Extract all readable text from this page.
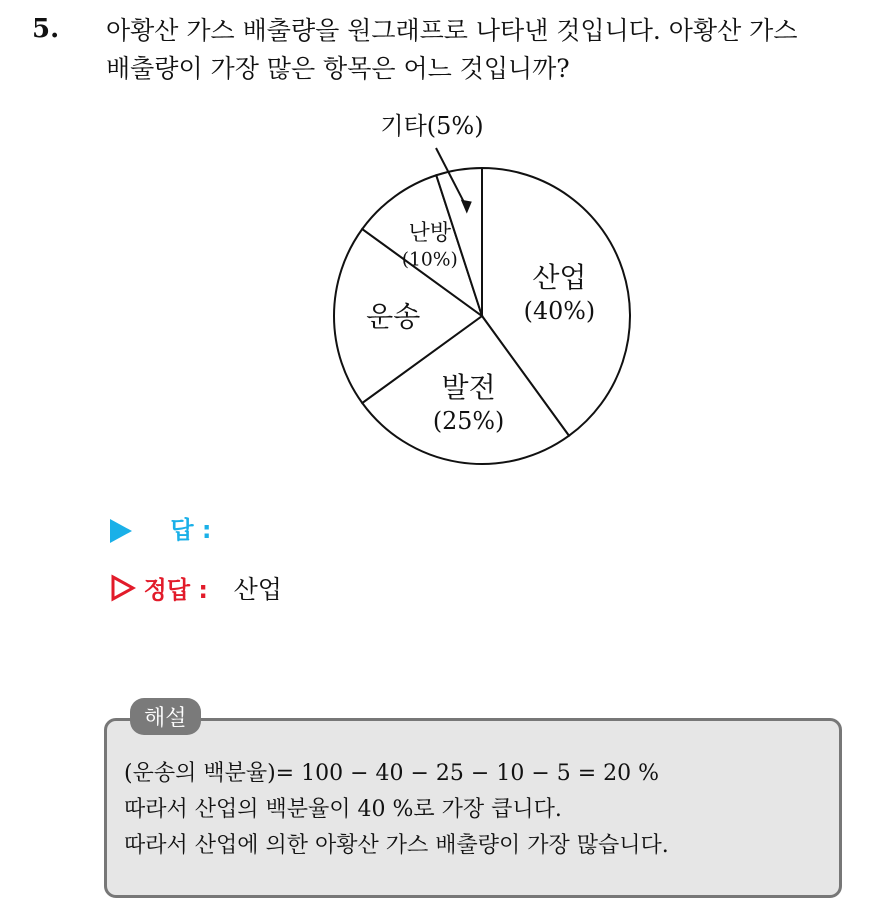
5. 아황산 가스 배출량을 원그래프로 나타낸 것입니다. 아황산 가스
배출량이 가장 많은 항목은 어느 것입니까?
산업 (40%)
발전 (25%)
운송
난방 (10%)
기타(5%)
답 :
정답 : 산업
해설
(운송의 백분율)= 100 − 40 − 25 − 10 − 5 = 20 %
따라서 산업의 백분율이 40 %로 가장 큽니다.
따라서 산업에 의한 아황산 가스 배출량이 가장 많습니다.
